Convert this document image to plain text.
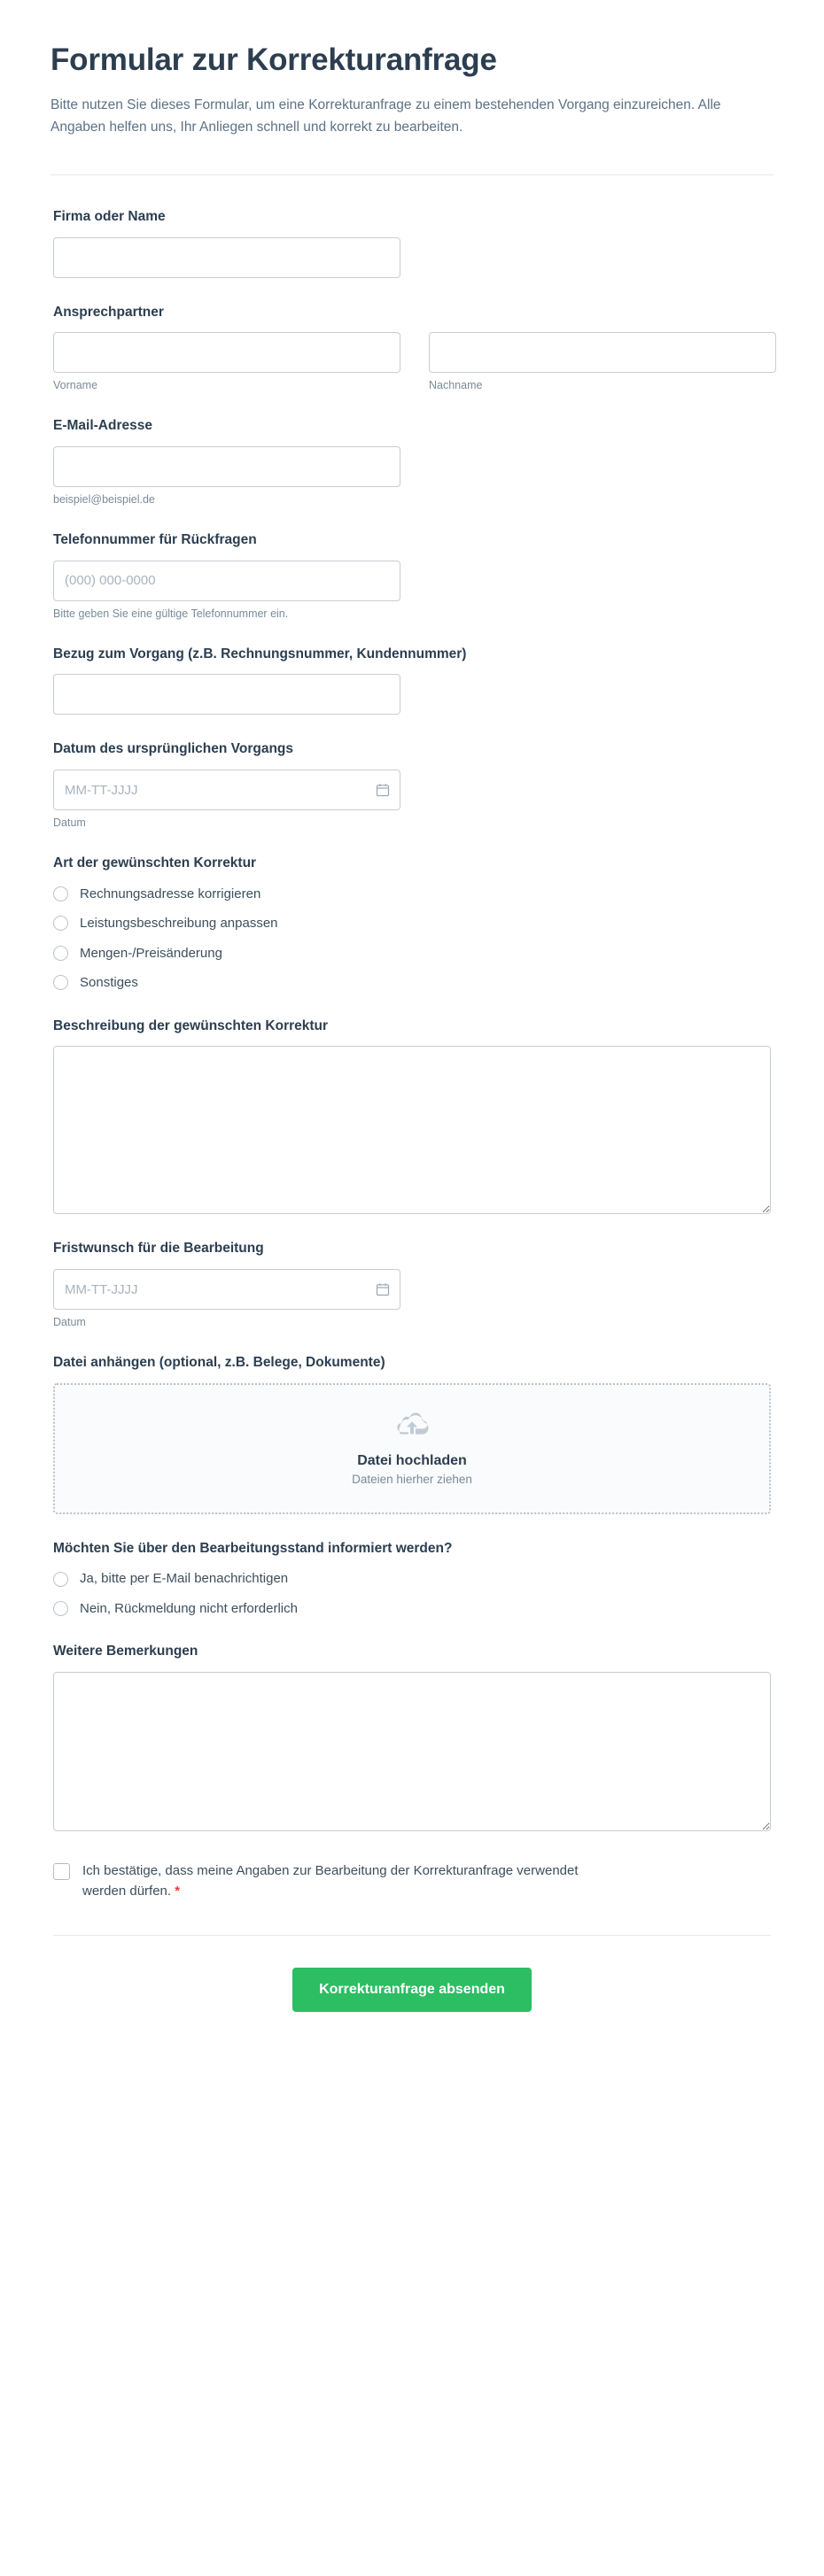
Formular zur Korrekturanfrage

Bitte nutzen Sie dieses Formular, um eine Korrekturanfrage zu einem bestehenden Vorgang einzureichen. Alle Angaben helfen uns, Ihr Anliegen schnell und korrekt zu bearbeiten.

Firma oder Name
Ansprechpartner
Vorname	Nachname
E-Mail-Adresse
beispiel@beispiel.de
Telefonnummer für Rückfragen
(000) 000-0000
Bitte geben Sie eine gültige Telefonnummer ein.
Bezug zum Vorgang (z.B. Rechnungsnummer, Kundennummer)
Datum des ursprünglichen Vorgangs
MM-TT-JJJJ
Datum
Art der gewünschten Korrektur
Rechnungsadresse korrigieren
Leistungsbeschreibung anpassen
Mengen-/Preisänderung
Sonstiges
Beschreibung der gewünschten Korrektur
Fristwunsch für die Bearbeitung
MM-TT-JJJJ
Datum
Datei anhängen (optional, z.B. Belege, Dokumente)
Datei hochladen
Dateien hierher ziehen
Möchten Sie über den Bearbeitungsstand informiert werden?
Ja, bitte per E-Mail benachrichtigen
Nein, Rückmeldung nicht erforderlich
Weitere Bemerkungen
Ich bestätige, dass meine Angaben zur Bearbeitung der Korrekturanfrage verwendet werden dürfen. *
Korrekturanfrage absenden
